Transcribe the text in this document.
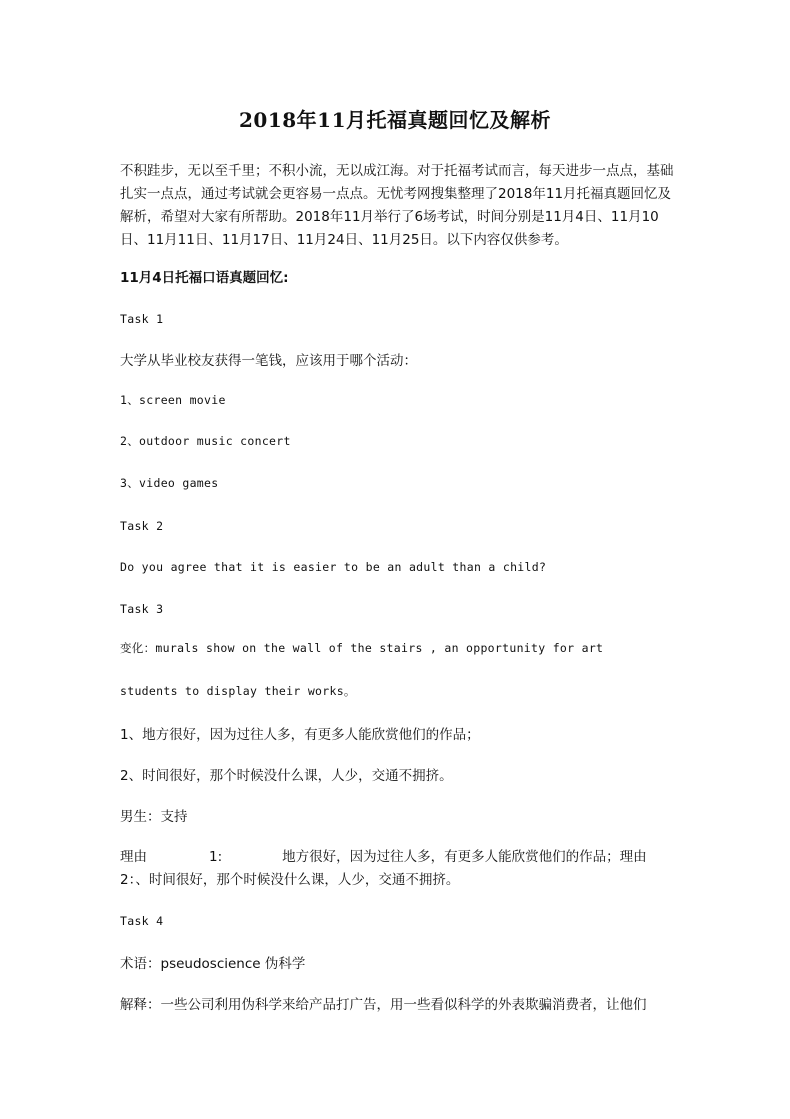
2018年11月托福真题回忆及解析
不积跬步，无以至千里；不积小流，无以成江海。对于托福考试而言，每天进步一点点，基础扎实一点点，通过考试就会更容易一点点。无忧考网搜集整理了2018年11月托福真题回忆及解析，希望对大家有所帮助。2018年11月举行了6场考试，时间分别是11月4日、11月10日、11月11日、11月17日、11月24日、11月25日。以下内容仅供参考。
11月4日托福口语真题回忆:
Task 1
大学从毕业校友获得一笔钱，应该用于哪个活动：
1、screen movie
2、outdoor music concert
3、video games
Task 2
Do you agree that it is easier to be an adult than a child?
Task 3
变化：murals show on the wall of the stairs , an opportunity for art
students to display their works。
1、地方很好，因为过往人多，有更多人能欣赏他们的作品；
2、时间很好，那个时候没什么课，人少，交通不拥挤。
男生：支持
理由	1:	地方很好，因为过往人多，有更多人能欣赏他们的作品；理由2：、时间很好，那个时候没什么课，人少，交通不拥挤。
Task 4
术语：pseudoscience 伪科学
解释：一些公司利用伪科学来给产品打广告，用一些看似科学的外表欺骗消费者，让他们
